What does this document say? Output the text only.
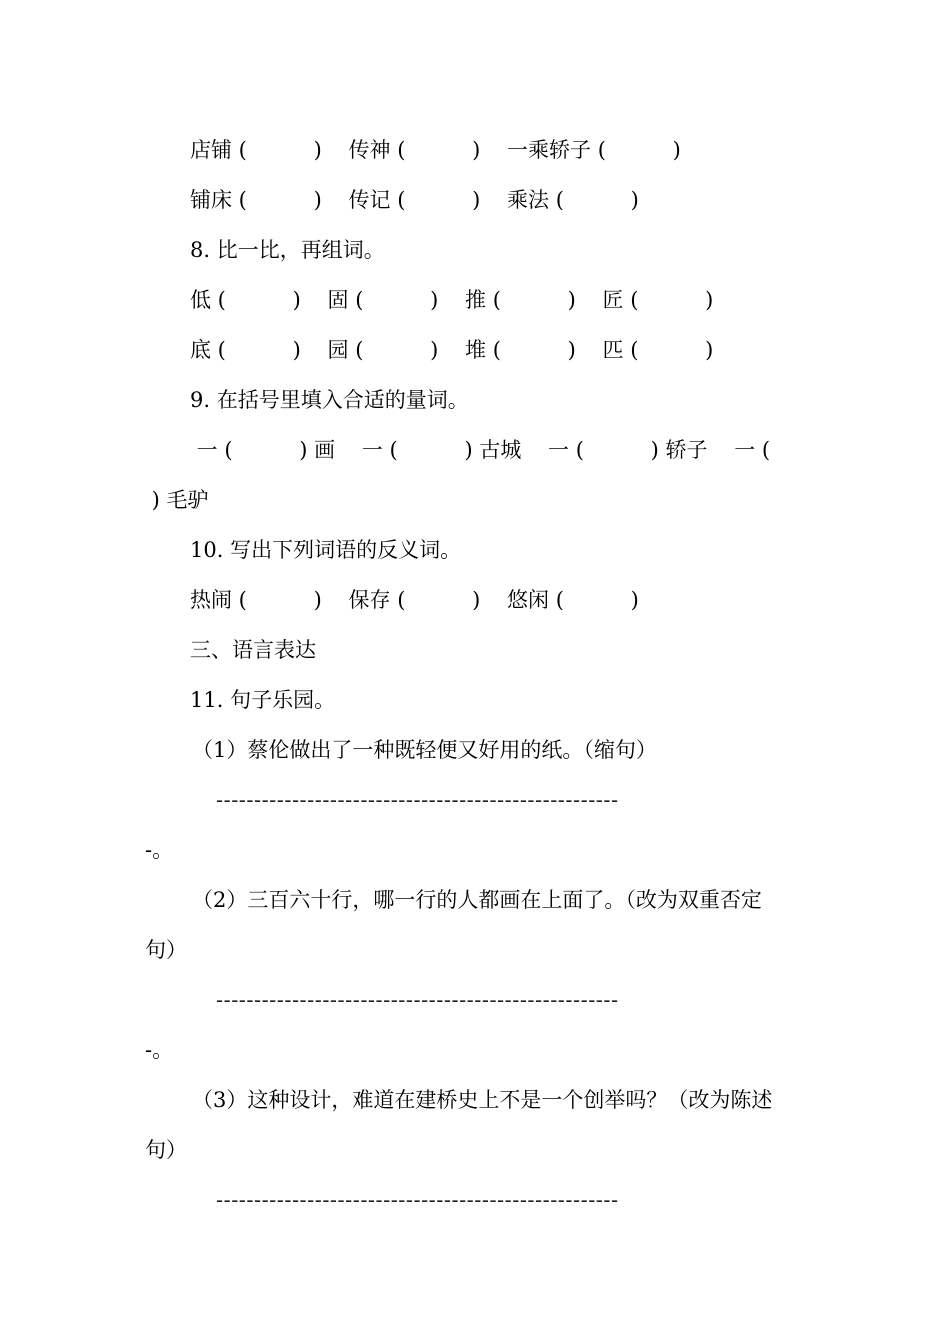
店铺 (          )    传神 (          )    一乘轿子 (          )
铺床 (          )    传记 (          )    乘法 (          )
8. 比一比，再组词。
低 (          )    固 (          )    推 (          )    匠 (          )
底 (          )    园 (          )    堆 (          )    匹 (          )
9. 在括号里填入合适的量词。
一 (          ) 画    一 (          ) 古城    一 (          ) 轿子    一 (
) 毛驴
10. 写出下列词语的反义词。
热闹 (          )    保存 (          )    悠闲 (          )
三、语言表达
11. 句子乐园。
（1）蔡伦做出了一种既轻便又好用的纸。（缩句）
-----------------------------------------------------
-。
（2）三百六十行，哪一行的人都画在上面了。（改为双重否定
句）
-----------------------------------------------------
-。
（3）这种设计，难道在建桥史上不是一个创举吗？（改为陈述
句）
-----------------------------------------------------
